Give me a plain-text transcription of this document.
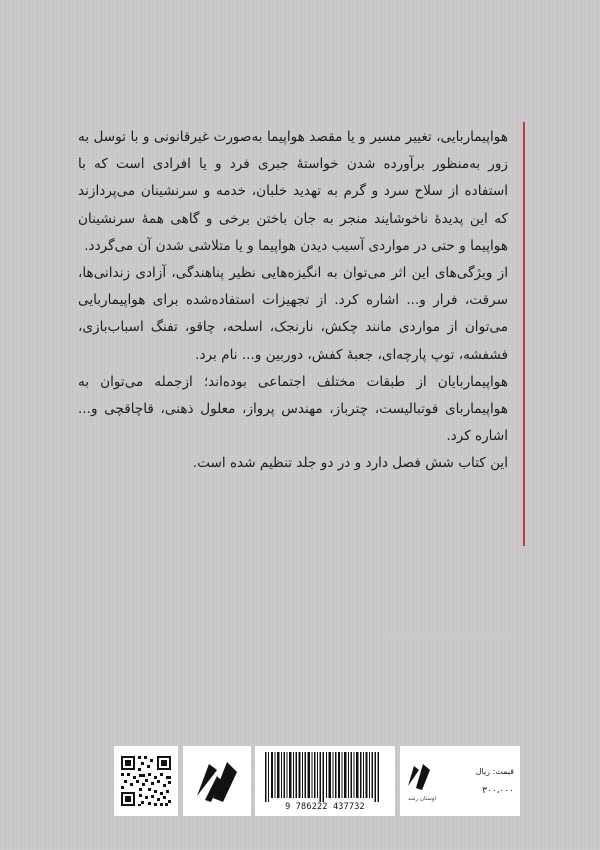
هواپیماربایی، تغییر مسیر و یا مقصد هواپیما به‌صورت غیرقانونی و با توسل به زور به‌منظور برآورده شدن خواستهٔ جبری فرد و یا افرادی است که با استفاده از سلاح سرد و گرم به تهدید خلبان، خدمه و سرنشینان می‌پردازند که این پدیدهٔ ناخوشایند منجر به جان باختن برخی و گاهی همهٔ سرنشینان هواپیما و حتی در مواردی آسیب دیدن هواپیما و یا متلاشی شدن آن می‌گردد.

از ویژگی‌های این اثر می‌توان به انگیزه‌هایی نظیر پناهندگی، آزادی زندانی‌ها، سرقت، فرار و... اشاره کرد. از تجهیزات استفاده‌شده برای هواپیماربایی می‌توان از مواردی مانند چکش، نارنجک، اسلحه، چاقو، تفنگ اسباب‌بازی، فشفشه، توپ پارچه‌ای، جعبهٔ کفش، دوربین و... نام برد.

هواپیماربایان از طبقات مختلف اجتماعی بوده‌اند؛ ازجمله می‌توان به هواپیماربای فوتبالیست، چترباز، مهندس پرواز، معلول ذهنی، قاچاقچی و... اشاره کرد.

این کتاب شش فصل دارد و در دو جلد تنظیم شده است.

9 786222 437732
اوستان رشد
قیمت: ریال
۳۰۰،۰۰۰
